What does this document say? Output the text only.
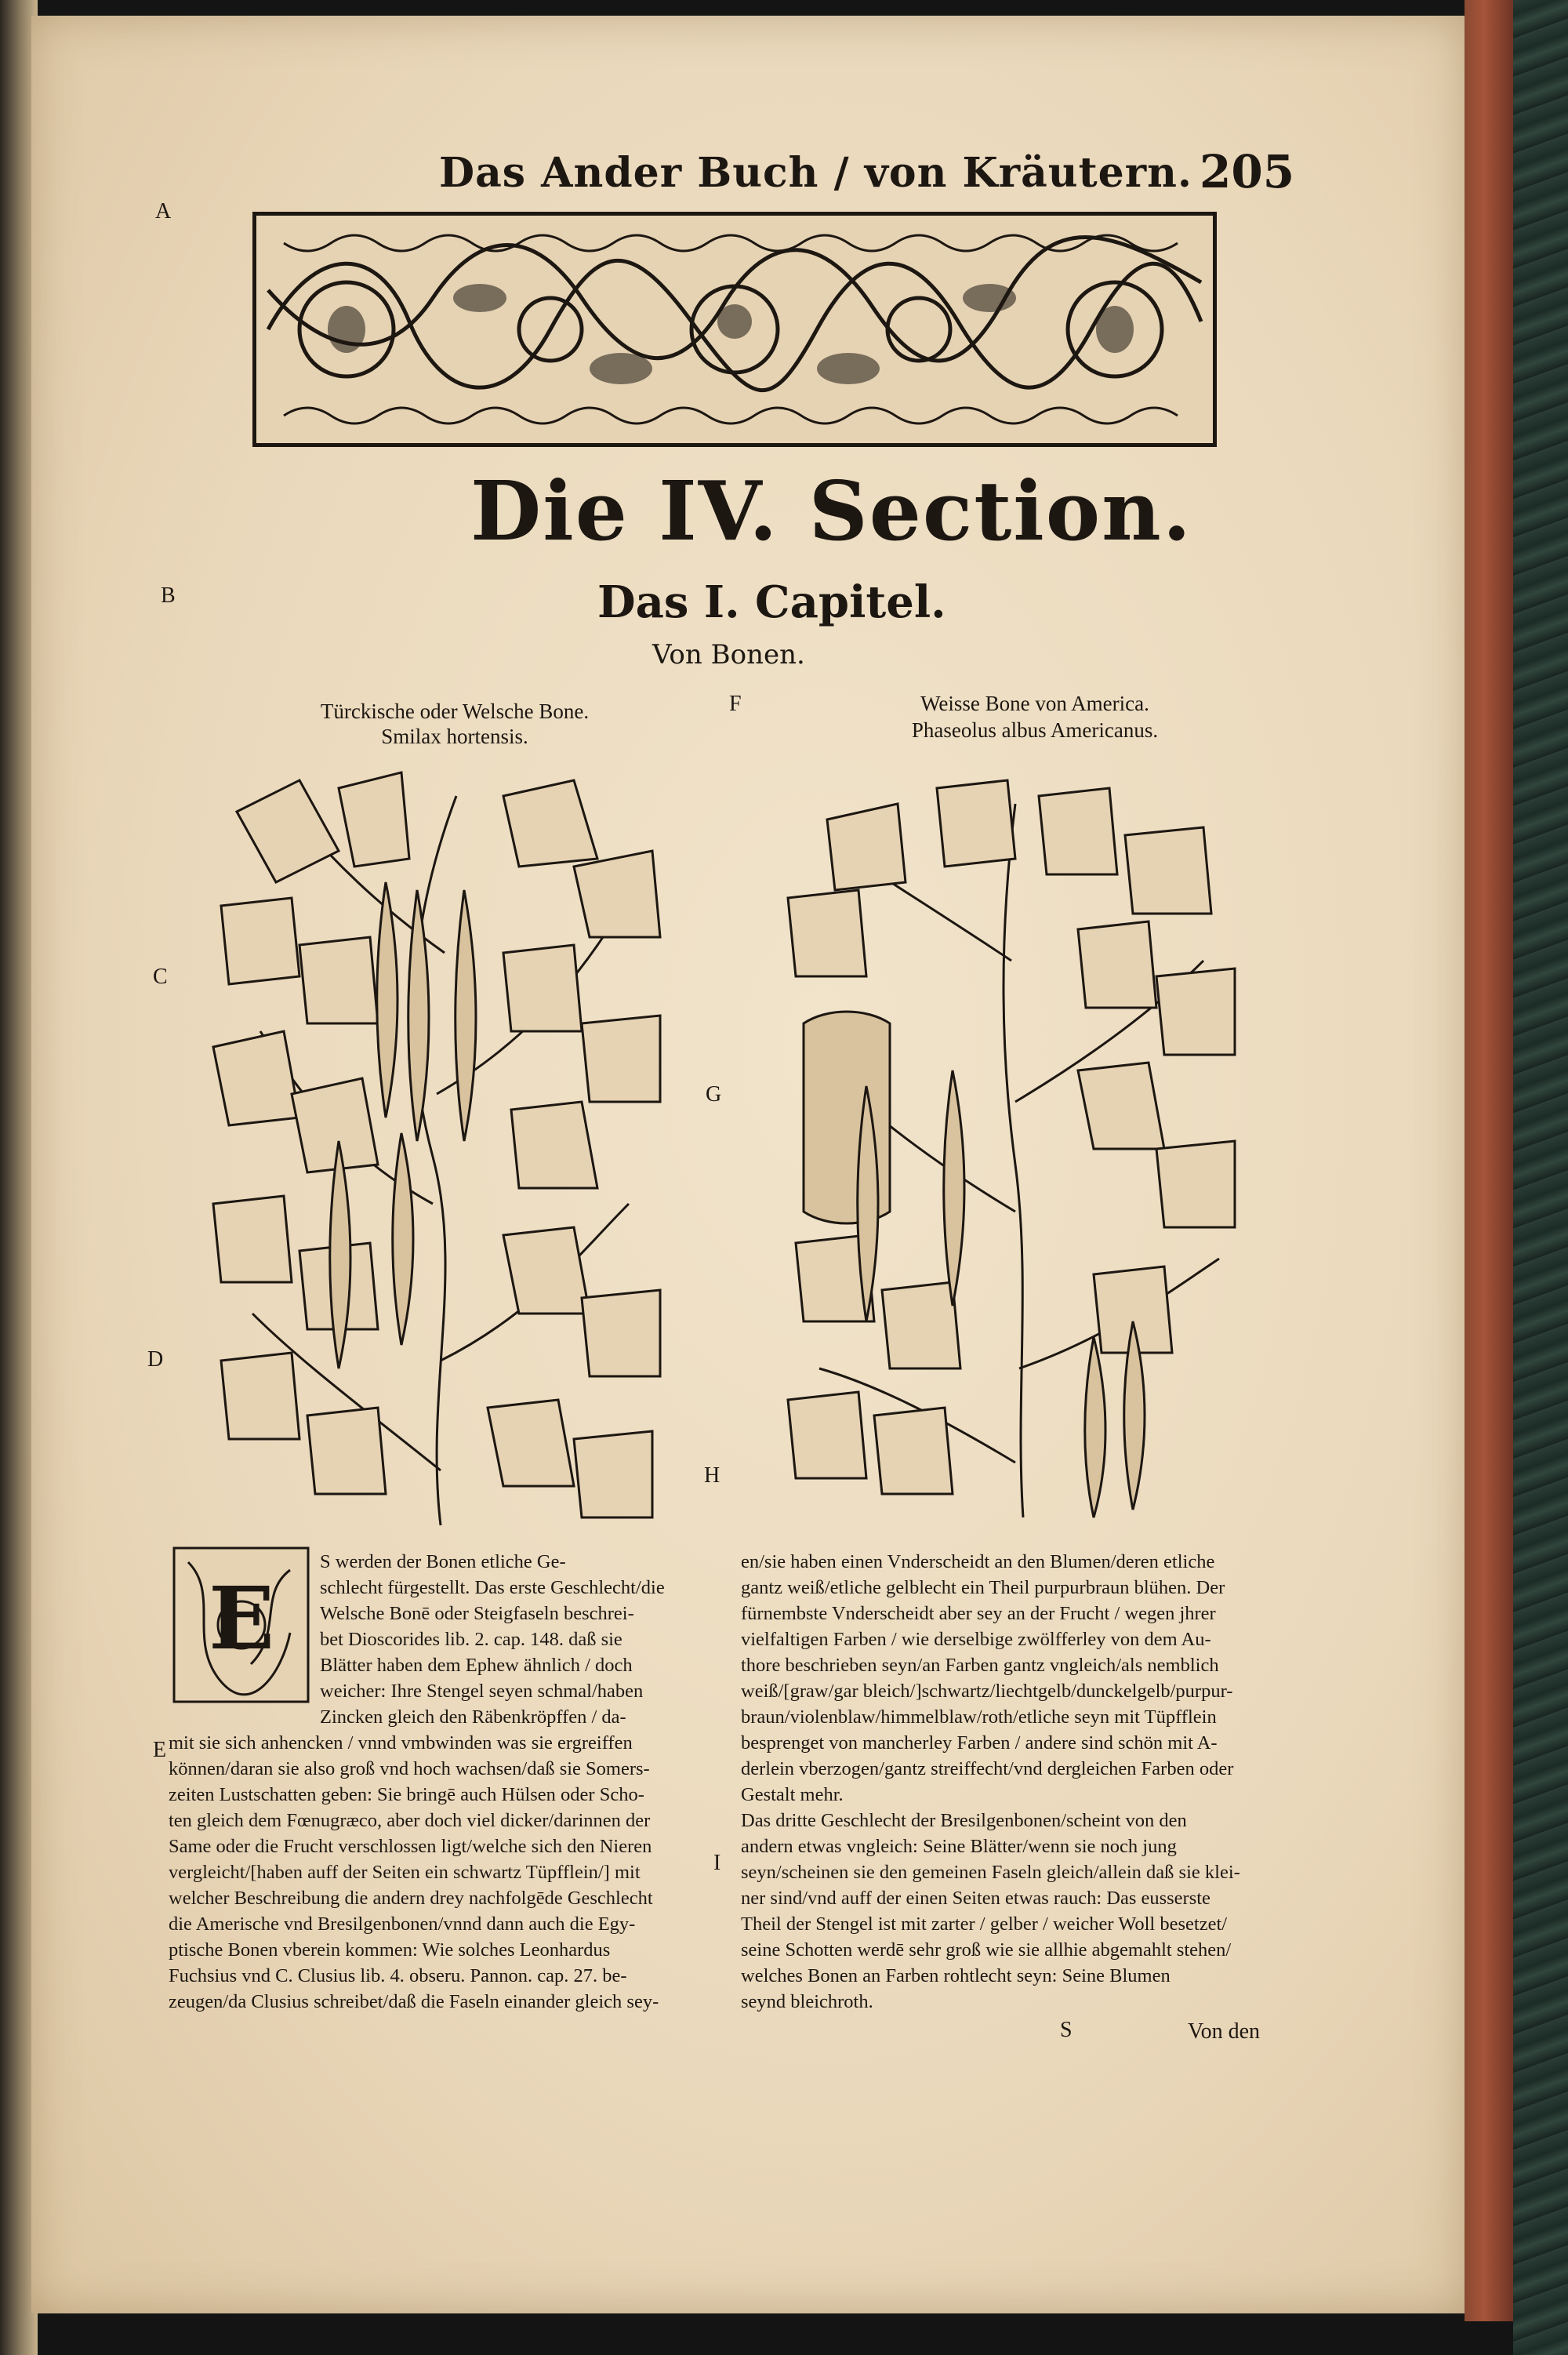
Das Ander Buch / von Kräutern. 205
A
B
C
D
E
F
G
H
I
Die IV. Section.
Das I. Capitel.
Von Bonen.
Türckische oder Welsche Bone.
Smilax hortensis.
Weisse Bone von America.
Phaseolus albus Americanus.
E
S werden der Bonen etliche Ge-
schlecht fürgestellt. Das erste Geschlecht/die
Welsche Bonē oder Steigfaseln beschrei-
bet Dioscorides lib. 2. cap. 148. daß sie
Blätter haben dem Ephew ähnlich / doch
weicher: Ihre Stengel seyen schmal/haben
Zincken gleich den Räbenkröpffen / da-
mit sie sich anhencken / vnnd vmbwinden was sie ergreiffen
können/daran sie also groß vnd hoch wachsen/daß sie Somers-
zeiten Lustschatten geben: Sie bringē auch Hülsen oder Scho-
ten gleich dem Fœnugræco, aber doch viel dicker/darinnen der
Same oder die Frucht verschlossen ligt/welche sich den Nieren
vergleicht/[haben auff der Seiten ein schwartz Tüpfflein/] mit
welcher Beschreibung die andern drey nachfolgēde Geschlecht
die Amerische vnd Bresilgenbonen/vnnd dann auch die Egy-
ptische Bonen vberein kommen: Wie solches Leonhardus
Fuchsius vnd C. Clusius lib. 4. obseru. Pannon. cap. 27. be-
zeugen/da Clusius schreibet/daß die Faseln einander gleich sey-
en/sie haben einen Vnderscheidt an den Blumen/deren etliche
gantz weiß/etliche gelblecht ein Theil purpurbraun blühen. Der
fürnembste Vnderscheidt aber sey an der Frucht / wegen jhrer
vielfaltigen Farben / wie derselbige zwölfferley von dem Au-
thore beschrieben seyn/an Farben gantz vngleich/als nemblich
weiß/[graw/gar bleich/]schwartz/liechtgelb/dunckelgelb/purpur-
braun/violenblaw/himmelblaw/roth/etliche seyn mit Tüpfflein
besprenget von mancherley Farben / andere sind schön mit A-
derlein vberzogen/gantz streiffecht/vnd dergleichen Farben oder
Gestalt mehr.
Das dritte Geschlecht der Bresilgenbonen/scheint von den
andern etwas vngleich: Seine Blätter/wenn sie noch jung
seyn/scheinen sie den gemeinen Faseln gleich/allein daß sie klei-
ner sind/vnd auff der einen Seiten etwas rauch: Das eusserste
Theil der Stengel ist mit zarter / gelber / weicher Woll besetzet/
seine Schotten werdē sehr groß wie sie allhie abgemahlt stehen/
welches Bonen an Farben rohtlecht seyn: Seine Blumen
seynd bleichroth.
S	Von den
